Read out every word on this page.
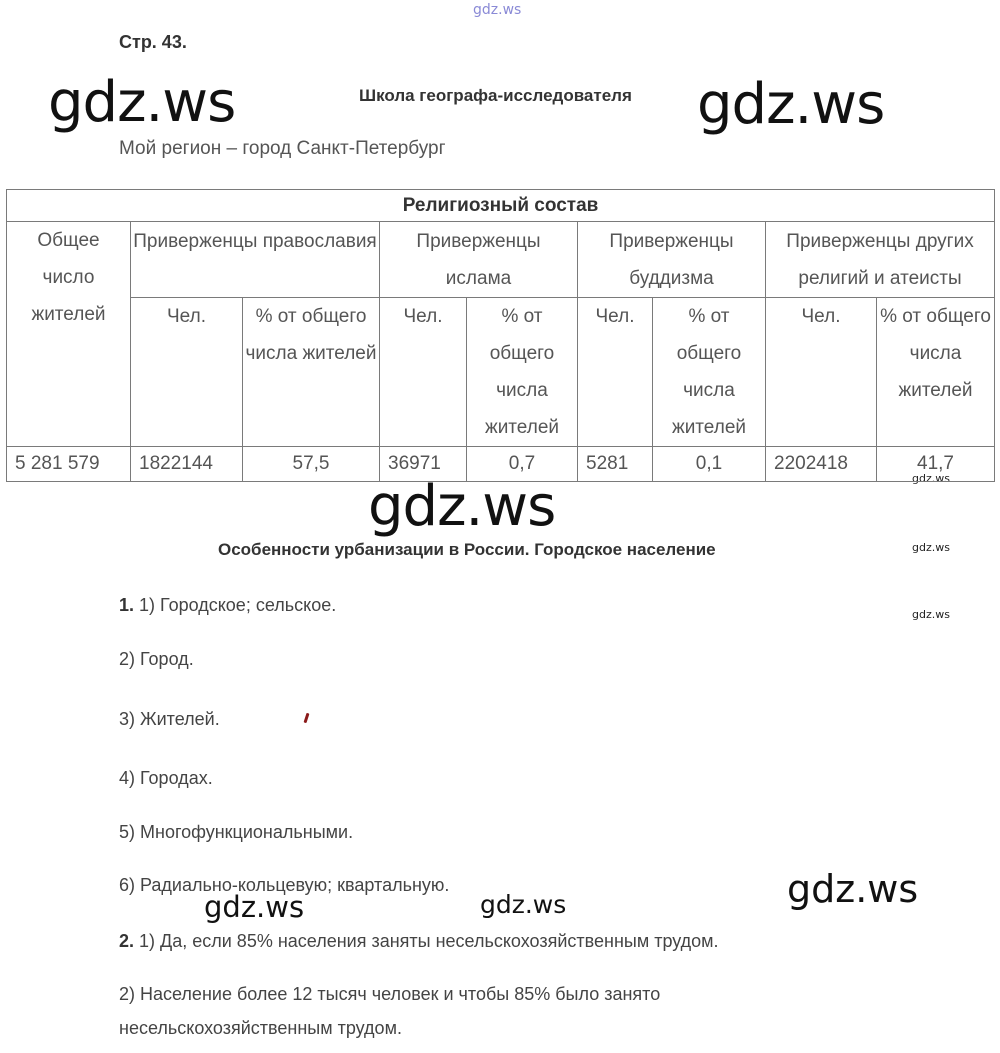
gdz.ws
gdz.ws	gdz.ws
gdz.ws
gdz.ws
gdz.ws	gdz.ws
gdz.ws
gdz.ws
gdz.ws
Стр. 43.
Школа географа-исследователя
Мой регион – город Санкт-Петербург
Религиозный состав								
Общее число жителей	Приверженцы православия		Приверженцы ислама		Приверженцы буддизма		Приверженцы других религий и атеисты	
	Чел.	% от общего числа жителей	Чел.	% от общего числа жителей	Чел.	% от общего числа жителей	Чел.	% от общего числа жителей
5 281 579	1822144	57,5	36971	0,7	5281	0,1	2202418	41,7
Особенности урбанизации в России. Городское население
1. 1) Городское; сельское.
2) Город.
3) Жителей.
4) Городах.
5) Многофункциональными.
6) Радиально-кольцевую; квартальную.
2. 1) Да, если 85% населения заняты несельскохозяйственным трудом.
2) Население более 12 тысяч человек и чтобы 85% было занято
несельскохозяйственным трудом.
